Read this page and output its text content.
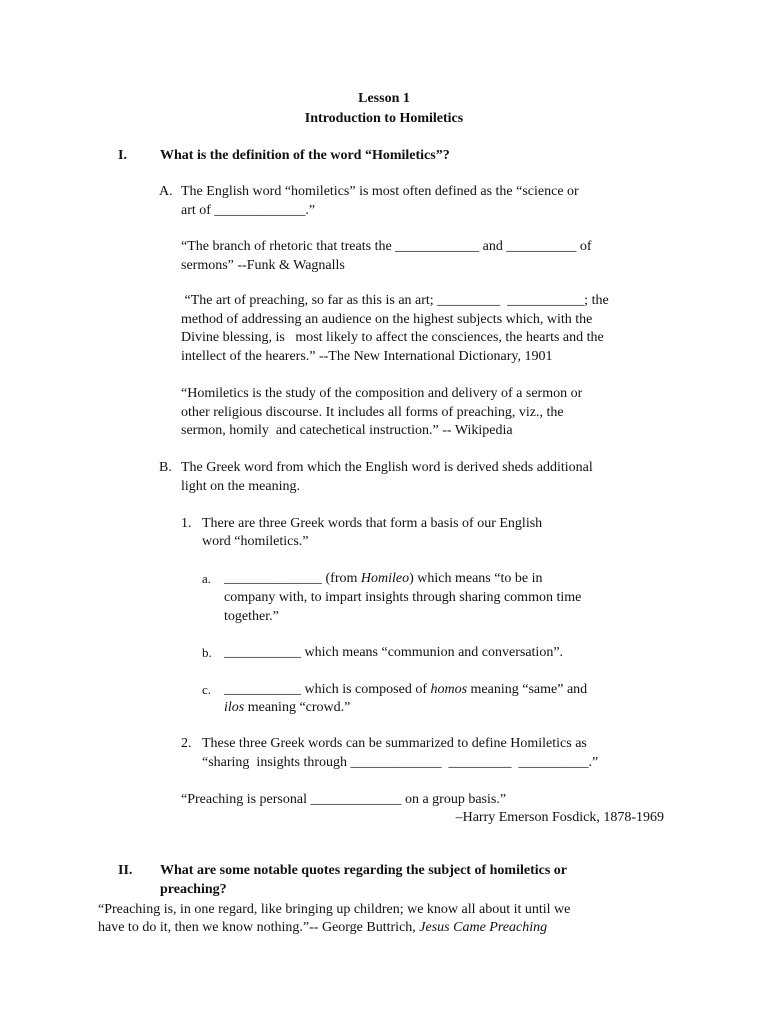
Lesson 1
Introduction to Homiletics
I. What is the definition of the word “Homiletics”?
A. The English word “homiletics” is most often defined as the “science or
art of _____________.”
“The branch of rhetoric that treats the ____________ and __________ of
sermons” --Funk & Wagnalls
“The art of preaching, so far as this is an art; _________  ___________; the
method of addressing an audience on the highest subjects which, with the
Divine blessing, is   most likely to affect the consciences, the hearts and the
intellect of the hearers.” --The New International Dictionary, 1901
“Homiletics is the study of the composition and delivery of a sermon or
other religious discourse. It includes all forms of preaching, viz., the
sermon, homily  and catechetical instruction.” -- Wikipedia
B. The Greek word from which the English word is derived sheds additional
light on the meaning.
1. There are three Greek words that form a basis of our English
word “homiletics.”
a. ______________ (from Homileo) which means “to be in
company with, to impart insights through sharing common time
together.”
b. ___________ which means “communion and conversation”.
c. ___________ which is composed of homos meaning “same” and
ilos meaning “crowd.”
2. These three Greek words can be summarized to define Homiletics as
“sharing  insights through _____________  _________  __________.”
“Preaching is personal _____________ on a group basis.”
–Harry Emerson Fosdick, 1878-1969
II. What are some notable quotes regarding the subject of homiletics or
preaching?
“Preaching is, in one regard, like bringing up children; we know all about it until we
have to do it, then we know nothing.”-- George Buttrich, Jesus Came Preaching
